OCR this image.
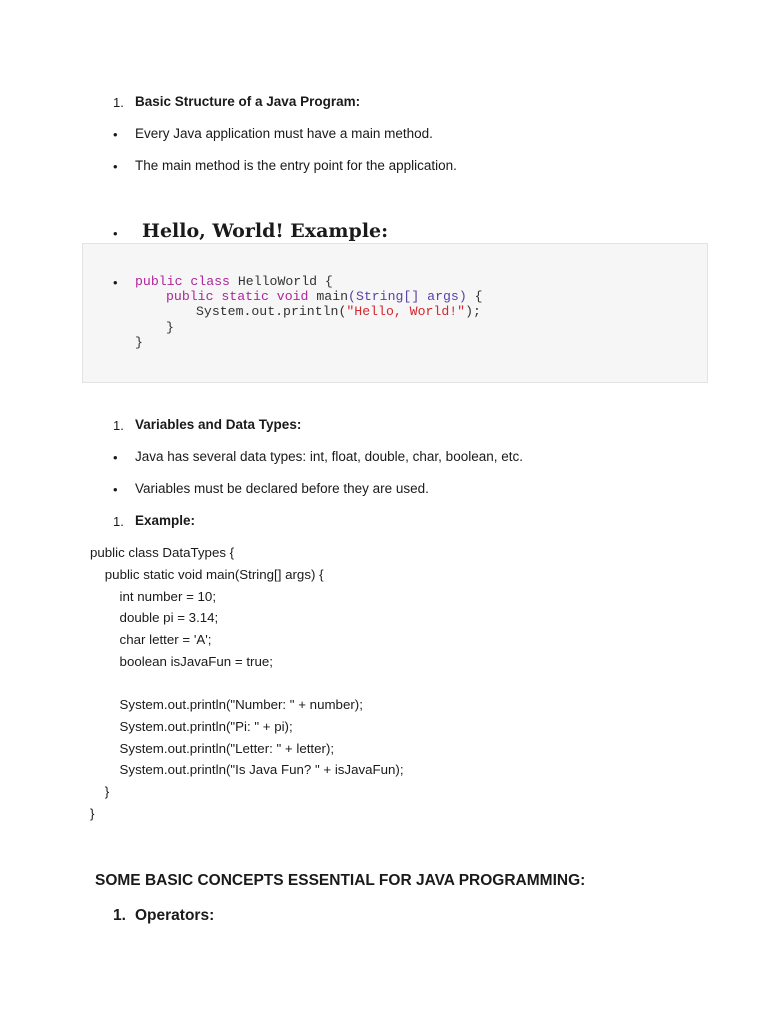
1. Basic Structure of a Java Program:
• Every Java application must have a main method.
• The main method is the entry point for the application.
• Hello, World! Example:
• public class HelloWorld {
public static void main(String[] args) {
System.out.println("Hello, World!");
}
}
1. Variables and Data Types:
• Java has several data types: int, float, double, char, boolean, etc.
• Variables must be declared before they are used.
1. Example:
public class DataTypes {
public static void main(String[] args) {
int number = 10;
double pi = 3.14;
char letter = 'A';
boolean isJavaFun = true;
System.out.println("Number: " + number);
System.out.println("Pi: " + pi);
System.out.println("Letter: " + letter);
System.out.println("Is Java Fun? " + isJavaFun);
}
}
SOME BASIC CONCEPTS ESSENTIAL FOR JAVA PROGRAMMING:
1. Operators:
